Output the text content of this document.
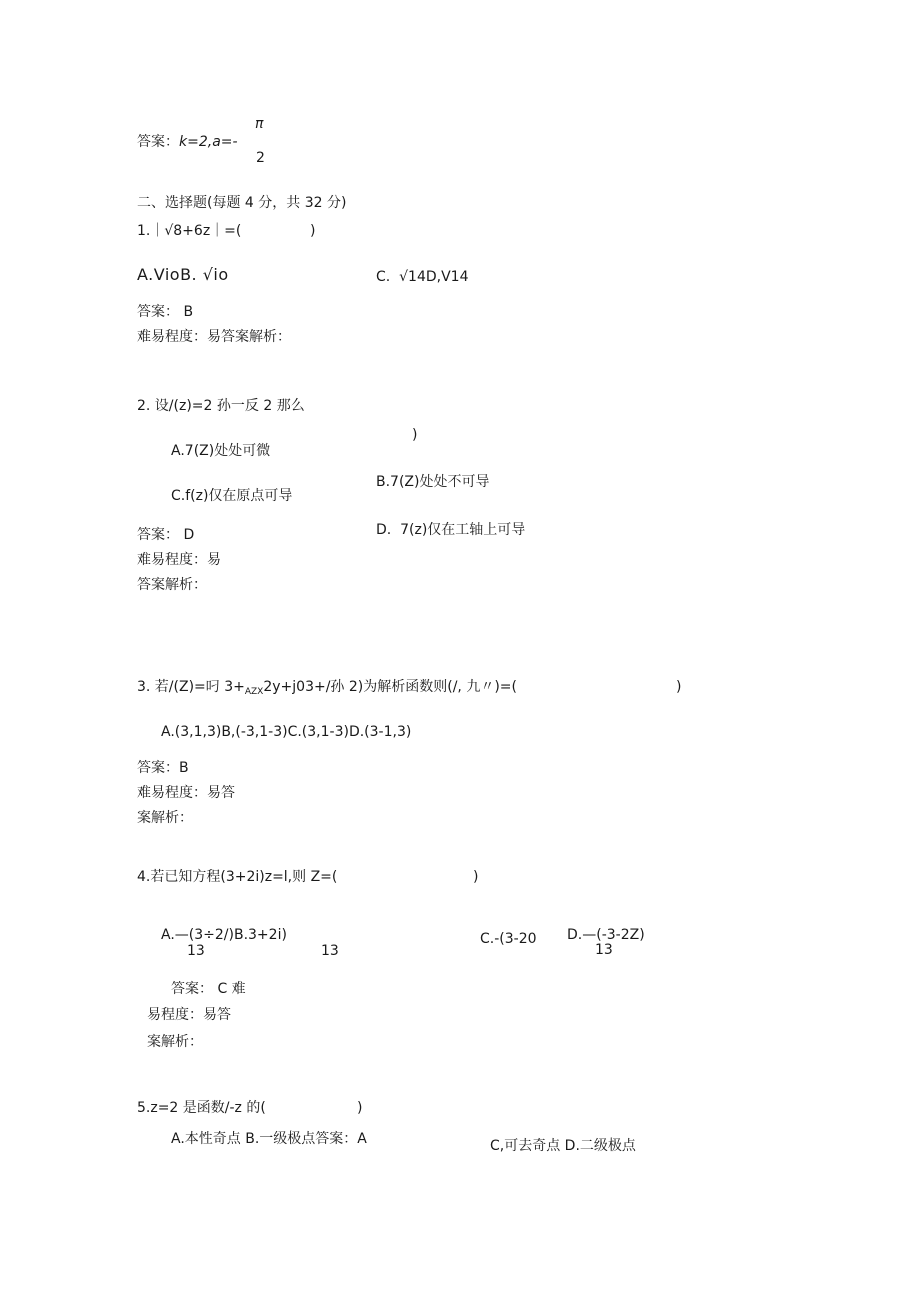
π
答案：k=2,a=-
2
二、选择题(每题 4 分，共 32 分)
1.｜√8+6z｜=(	)
A.VioB. √io	C.  √14D,V14
答案： B
难易程度：易答案解析：
2. 设/(z)=2 孙一反 2 那么
)
A.7(Z)处处可微
B.7(Z)处处不可导
C.f(z)仅在原点可导
D.  7(z)仅在工轴上可导
答案： D
难易程度：易
答案解析：
3. 若/(Z)=叼 $3+_{AZX}2y+j03+/$孙 2)为解析函数则(/, 九〃)=(	)
A.(3,1,3)B,(-3,1-3)C.(3,1-3)D.(3-1,3)
答案：B
难易程度：易答
案解析：
4.若已知方程(3+2i)z=l,则 Z=(	)
A.—(3÷2/)B.3+2i)
13	13
C.-(3-20 D.—(-3-2Z)
13
答案： C 难
易程度：易答
案解析：
5.z=2 是函数/-z 的(	)
A.本性奇点 B.一级极点答案：A	C,可去奇点 D.二级极点
